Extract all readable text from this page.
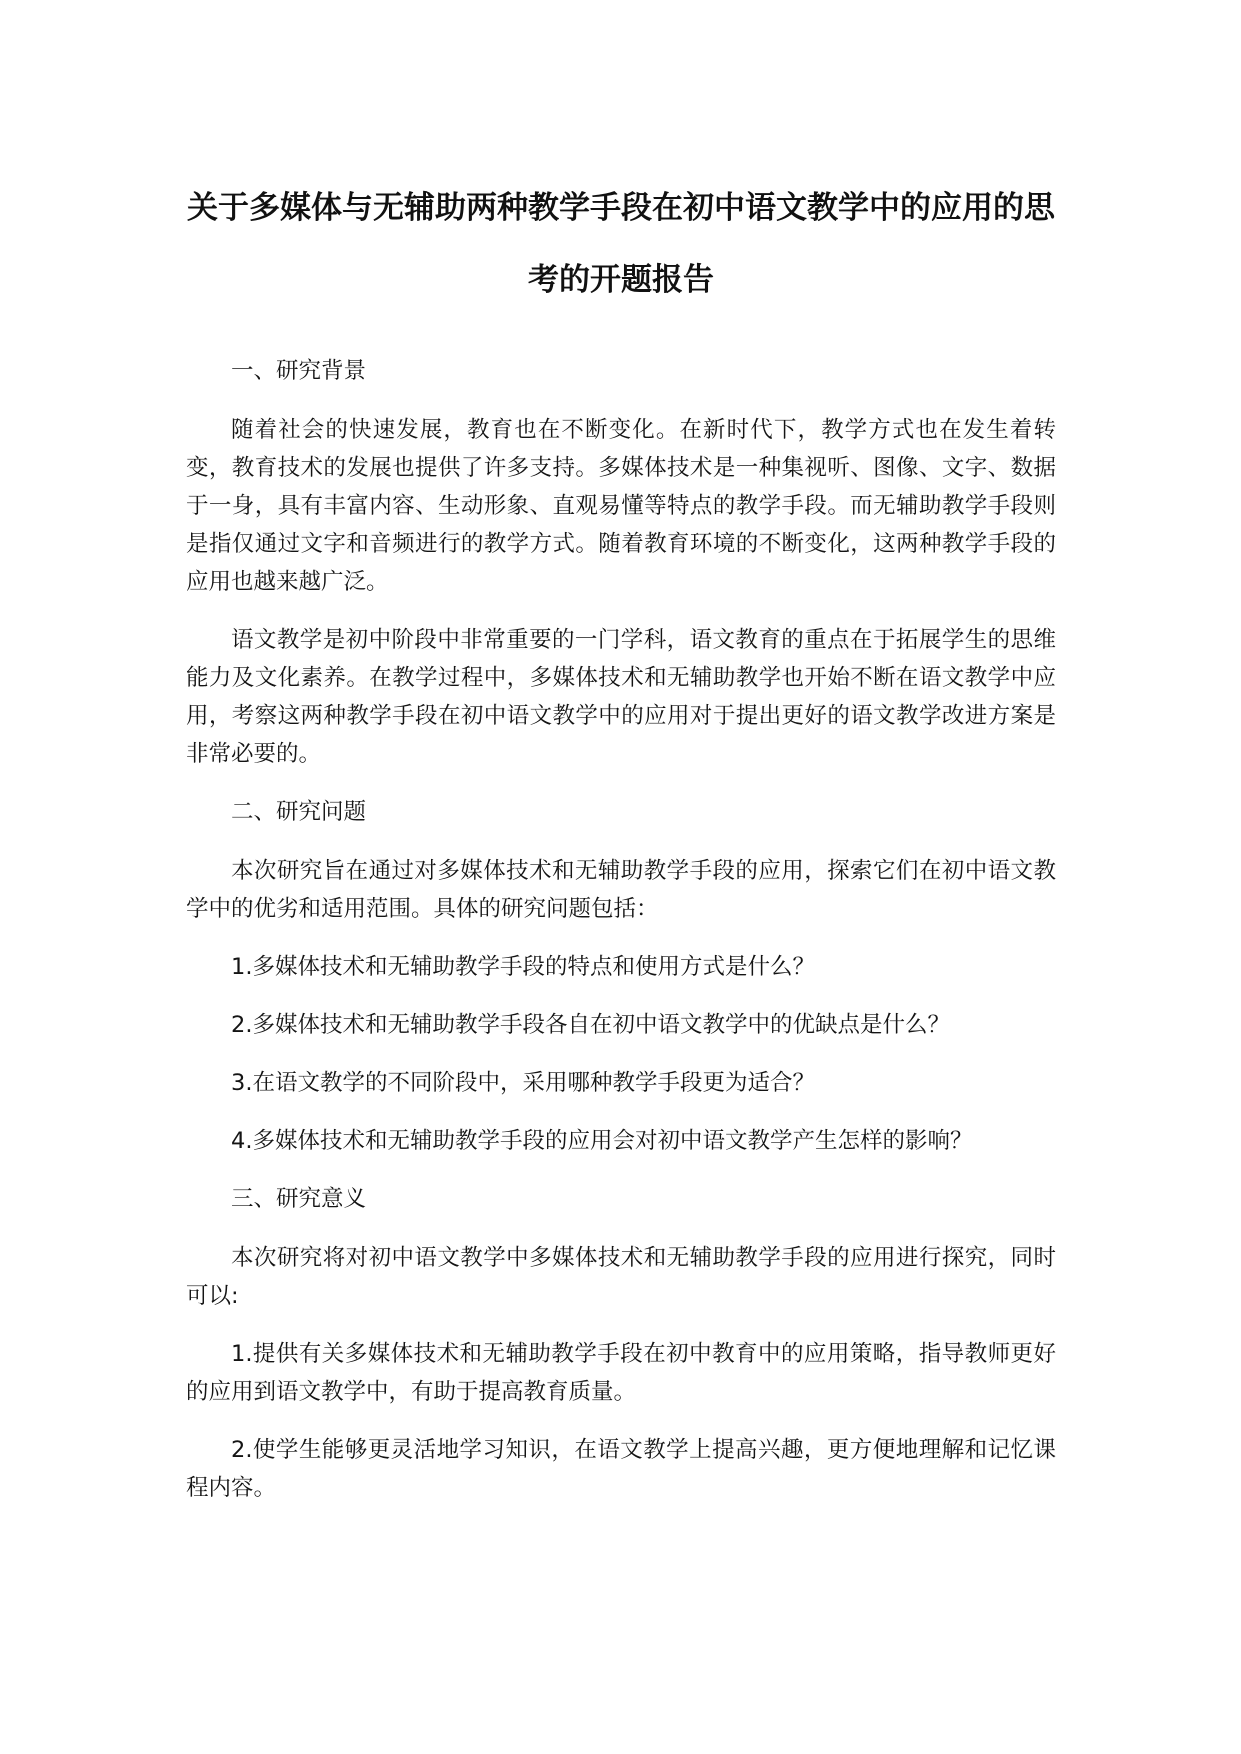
关于多媒体与无辅助两种教学手段在初中语文教学中的应用的思考的开题报告

一、研究背景

随着社会的快速发展，教育也在不断变化。在新时代下，教学方式也在发生着转变，教育技术的发展也提供了许多支持。多媒体技术是一种集视听、图像、文字、数据于一身，具有丰富内容、生动形象、直观易懂等特点的教学手段。而无辅助教学手段则是指仅通过文字和音频进行的教学方式。随着教育环境的不断变化，这两种教学手段的应用也越来越广泛。

语文教学是初中阶段中非常重要的一门学科，语文教育的重点在于拓展学生的思维能力及文化素养。在教学过程中，多媒体技术和无辅助教学也开始不断在语文教学中应用，考察这两种教学手段在初中语文教学中的应用对于提出更好的语文教学改进方案是非常必要的。

二、研究问题

本次研究旨在通过对多媒体技术和无辅助教学手段的应用，探索它们在初中语文教学中的优劣和适用范围。具体的研究问题包括：

1.多媒体技术和无辅助教学手段的特点和使用方式是什么？

2.多媒体技术和无辅助教学手段各自在初中语文教学中的优缺点是什么？

3.在语文教学的不同阶段中，采用哪种教学手段更为适合？

4.多媒体技术和无辅助教学手段的应用会对初中语文教学产生怎样的影响？

三、研究意义

本次研究将对初中语文教学中多媒体技术和无辅助教学手段的应用进行探究，同时可以:

1.提供有关多媒体技术和无辅助教学手段在初中教育中的应用策略，指导教师更好的应用到语文教学中，有助于提高教育质量。

2.使学生能够更灵活地学习知识，在语文教学上提高兴趣，更方便地理解和记忆课程内容。
